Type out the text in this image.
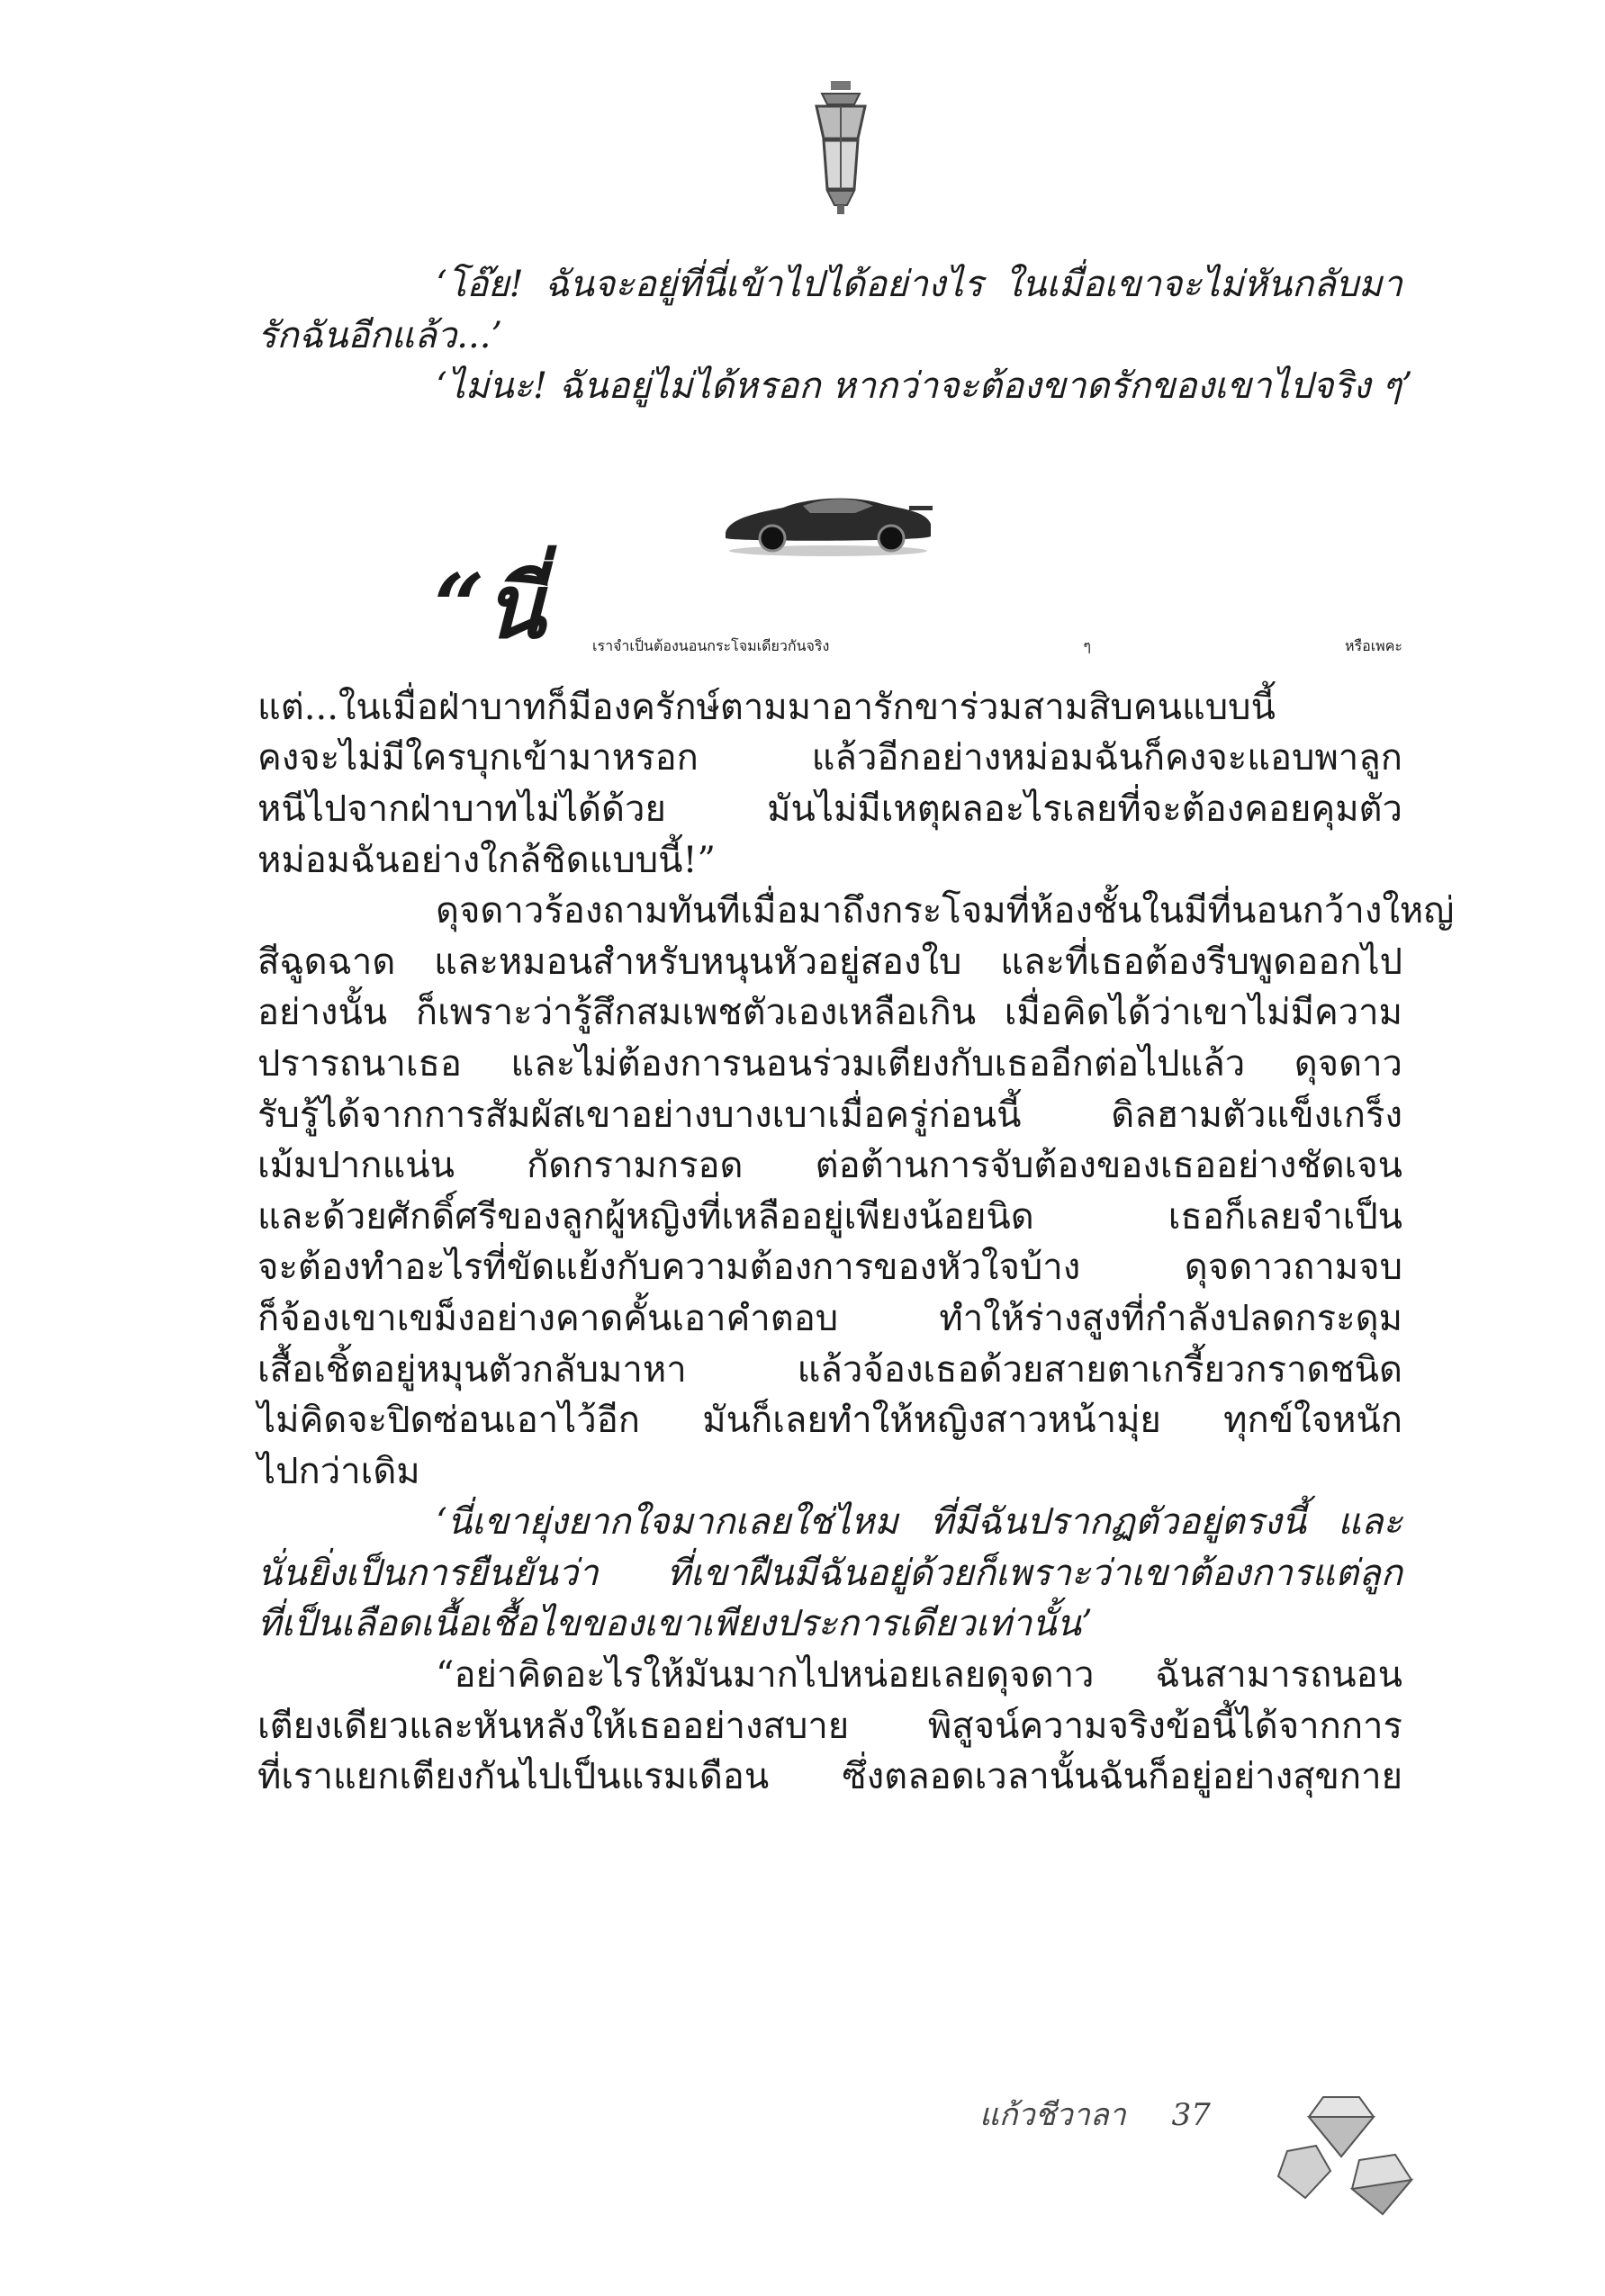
‘โอ๊ย! ฉันจะอยู่ที่นี่เข้าไปได้อย่างไร ในเมื่อเขาจะไม่หันกลับมา
รักฉันอีกแล้ว...’
‘ไม่นะ! ฉันอยู่ไม่ได้หรอก หากว่าจะต้องขาดรักของเขาไปจริง ๆ’
“นี่	เราจำเป็นต้องนอนกระโจมเดียวกันจริง ๆ หรือเพคะ
แต่...ในเมื่อฝ่าบาทก็มีองครักษ์ตามมาอารักขาร่วมสามสิบคนแบบนี้
คงจะไม่มีใครบุกเข้ามาหรอก แล้วอีกอย่างหม่อมฉันก็คงจะแอบพาลูก
หนีไปจากฝ่าบาทไม่ได้ด้วย มันไม่มีเหตุผลอะไรเลยที่จะต้องคอยคุมตัว
หม่อมฉันอย่างใกล้ชิดแบบนี้!”
ดุจดาวร้องถามทันทีเมื่อมาถึงกระโจมที่ห้องชั้นในมีที่นอนกว้างใหญ่
สีฉูดฉาด และหมอนสำหรับหนุนหัวอยู่สองใบ และที่เธอต้องรีบพูดออกไป
อย่างนั้น ก็เพราะว่ารู้สึกสมเพชตัวเองเหลือเกิน เมื่อคิดได้ว่าเขาไม่มีความ
ปรารถนาเธอ และไม่ต้องการนอนร่วมเตียงกับเธออีกต่อไปแล้ว ดุจดาว
รับรู้ได้จากการสัมผัสเขาอย่างบางเบาเมื่อครู่ก่อนนี้ ดิลฮามตัวแข็งเกร็ง
เม้มปากแน่น กัดกรามกรอด ต่อต้านการจับต้องของเธออย่างชัดเจน
และด้วยศักดิ์ศรีของลูกผู้หญิงที่เหลืออยู่เพียงน้อยนิด เธอก็เลยจำเป็น
จะต้องทำอะไรที่ขัดแย้งกับความต้องการของหัวใจบ้าง ดุจดาวถามจบ
ก็จ้องเขาเขม็งอย่างคาดคั้นเอาคำตอบ ทำให้ร่างสูงที่กำลังปลดกระดุม
เสื้อเชิ้ตอยู่หมุนตัวกลับมาหา แล้วจ้องเธอด้วยสายตาเกรี้ยวกราดชนิด
ไม่คิดจะปิดซ่อนเอาไว้อีก มันก็เลยทำให้หญิงสาวหน้ามุ่ย ทุกข์ใจหนัก
ไปกว่าเดิม
‘นี่เขายุ่งยากใจมากเลยใช่ไหม ที่มีฉันปรากฏตัวอยู่ตรงนี้ และ
นั่นยิ่งเป็นการยืนยันว่า ที่เขาฝืนมีฉันอยู่ด้วยก็เพราะว่าเขาต้องการแต่ลูก
ที่เป็นเลือดเนื้อเชื้อไขของเขาเพียงประการเดียวเท่านั้น’
“อย่าคิดอะไรให้มันมากไปหน่อยเลยดุจดาว ฉันสามารถนอน
เตียงเดียวและหันหลังให้เธออย่างสบาย พิสูจน์ความจริงข้อนี้ได้จากการ
ที่เราแยกเตียงกันไปเป็นแรมเดือน ซึ่งตลอดเวลานั้นฉันก็อยู่อย่างสุขกาย
แก้วชีวาลา 37
